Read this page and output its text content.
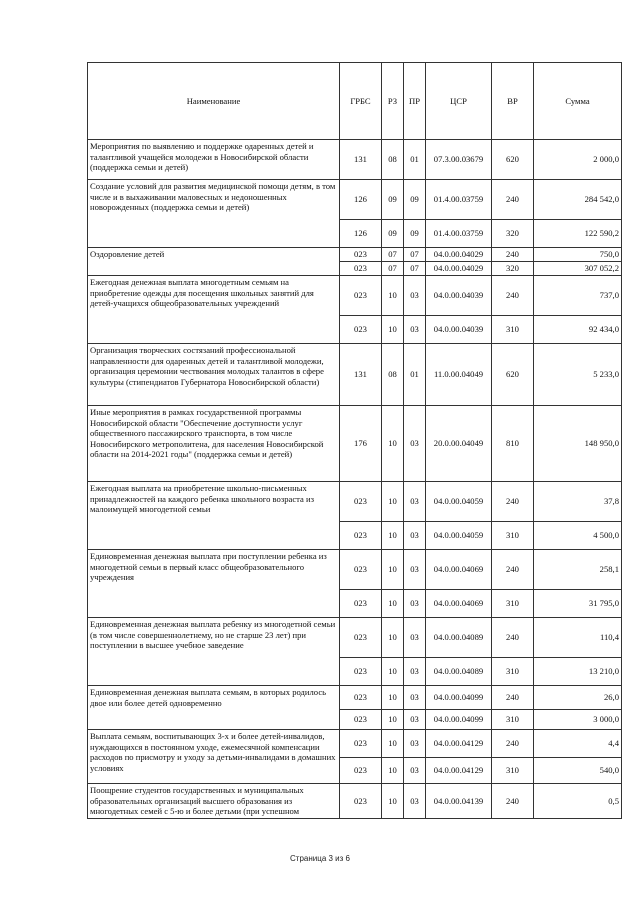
Наименование	ГРБС	РЗ	ПР	ЦСР	ВР	Сумма
Мероприятия по выявлению и поддержке одаренных детей и талантливой учащейся молодежи в Новосибирской области (поддержка семьи и детей)	131	08	01	07.3.00.03679	620	2 000,0
Создание условий для развития медицинской помощи детям, в том числе и в выхаживании маловесных и недоношенных новорожденных (поддержка семьи и детей)	126	09	09	01.4.00.03759	240	284 542,0
	126	09	09	01.4.00.03759	320	122 590,2
Оздоровление детей	023	07	07	04.0.00.04029	240	750,0
	023	07	07	04.0.00.04029	320	307 052,2
Ежегодная денежная выплата многодетным семьям на приобретение одежды для посещения школьных занятий для детей-учащихся общеобразовательных учреждений	023	10	03	04.0.00.04039	240	737,0
	023	10	03	04.0.00.04039	310	92 434,0
Организация творческих состязаний профессиональной направленности для одаренных детей и талантливой молодежи, организация церемонии чествования молодых талантов в сфере культуры (стипендиатов Губернатора Новосибирской области)	131	08	01	11.0.00.04049	620	5 233,0
Иные мероприятия в рамках государственной программы Новосибирской области "Обеспечение доступности услуг общественного пассажирского транспорта, в том числе Новосибирского метрополитена, для населения Новосибирской области на 2014-2021 годы" (поддержка семьи и детей)	176	10	03	20.0.00.04049	810	148 950,0
Ежегодная выплата на приобретение школьно-письменных принадлежностей на каждого ребенка школьного возраста из малоимущей многодетной семьи	023	10	03	04.0.00.04059	240	37,8
	023	10	03	04.0.00.04059	310	4 500,0
Единовременная денежная выплата при поступлении ребенка из многодетной семьи в первый класс общеобразовательного учреждения	023	10	03	04.0.00.04069	240	258,1
	023	10	03	04.0.00.04069	310	31 795,0
Единовременная денежная выплата ребенку из многодетной семьи (в том числе совершеннолетнему, но не старше 23 лет) при поступлении в высшее учебное заведение	023	10	03	04.0.00.04089	240	110,4
	023	10	03	04.0.00.04089	310	13 210,0
Единовременная денежная выплата семьям, в которых родилось двое или более детей одновременно	023	10	03	04.0.00.04099	240	26,0
	023	10	03	04.0.00.04099	310	3 000,0
Выплата семьям, воспитывающих 3-х и более детей-инвалидов, нуждающихся в постоянном уходе, ежемесячной компенсации расходов по присмотру и уходу за детьми-инвалидами в домашних условиях	023	10	03	04.0.00.04129	240	4,4
	023	10	03	04.0.00.04129	310	540,0
Поощрение студентов государственных и муниципальных образовательных организаций высшего образования из многодетных семей с 5-ю и более детьми (при успешном	023	10	03	04.0.00.04139	240	0,5
Страница 3 из 6
